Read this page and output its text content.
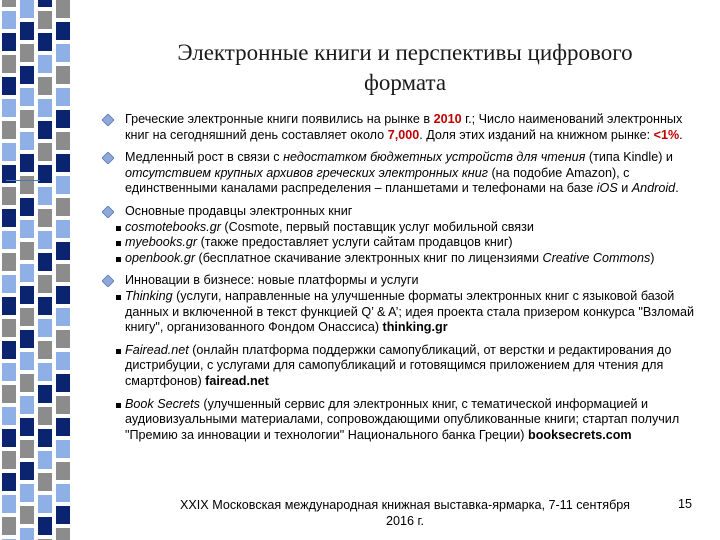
Электронные книги и перспективы цифрового
формата
Греческие электронные книги появились на рынке в 2010 г.; Число наименований электронных книг на сегодняшний день составляет около 7,000. Доля этих изданий на книжном рынке: <1%.
Медленный рост в связи с недостатком бюджетных устройств для чтения (типа Kindle) и отсутствием крупных архивов греческих электронных книг (на подобие Amazon), с единственными каналами распределения – планшетами и телефонами на базе iOS и Android.
Основные продавцы электронных книг
cosmotebooks.gr (Cosmote, первый поставщик услуг мобильной связи
myebooks.gr (также предоставляет услуги сайтам продавцов книг)
openbook.gr (бесплатное скачивание электронных книг по лицензиями Creative Commons)
Инновации в бизнесе: новые платформы и услуги
Thinking (услуги, направленные на улучшенные форматы электронных книг с языковой базой данных и включенной в текст функцией Q’ & A’; идея проекта стала призером конкурса "Взломай книгу", организованного Фондом Онассиса) thinking.gr
Fairead.net (онлайн платформа поддержки самопубликаций, от верстки и редактирования до дистрибуции, с услугами для самопубликаций и готовящимся приложением для чтения для смартфонов) fairead.net
Book Secrets (улучшенный сервис для электронных книг, с тематической информацией и аудиовизуальными материалами, сопровождающими опубликованные книги; стартап получил "Премию за инновации и технологии" Национального банка Греции) booksecrets.com
XXIX Московская международная книжная выставка-ярмарка, 7-11 сентября
2016 г.
15
